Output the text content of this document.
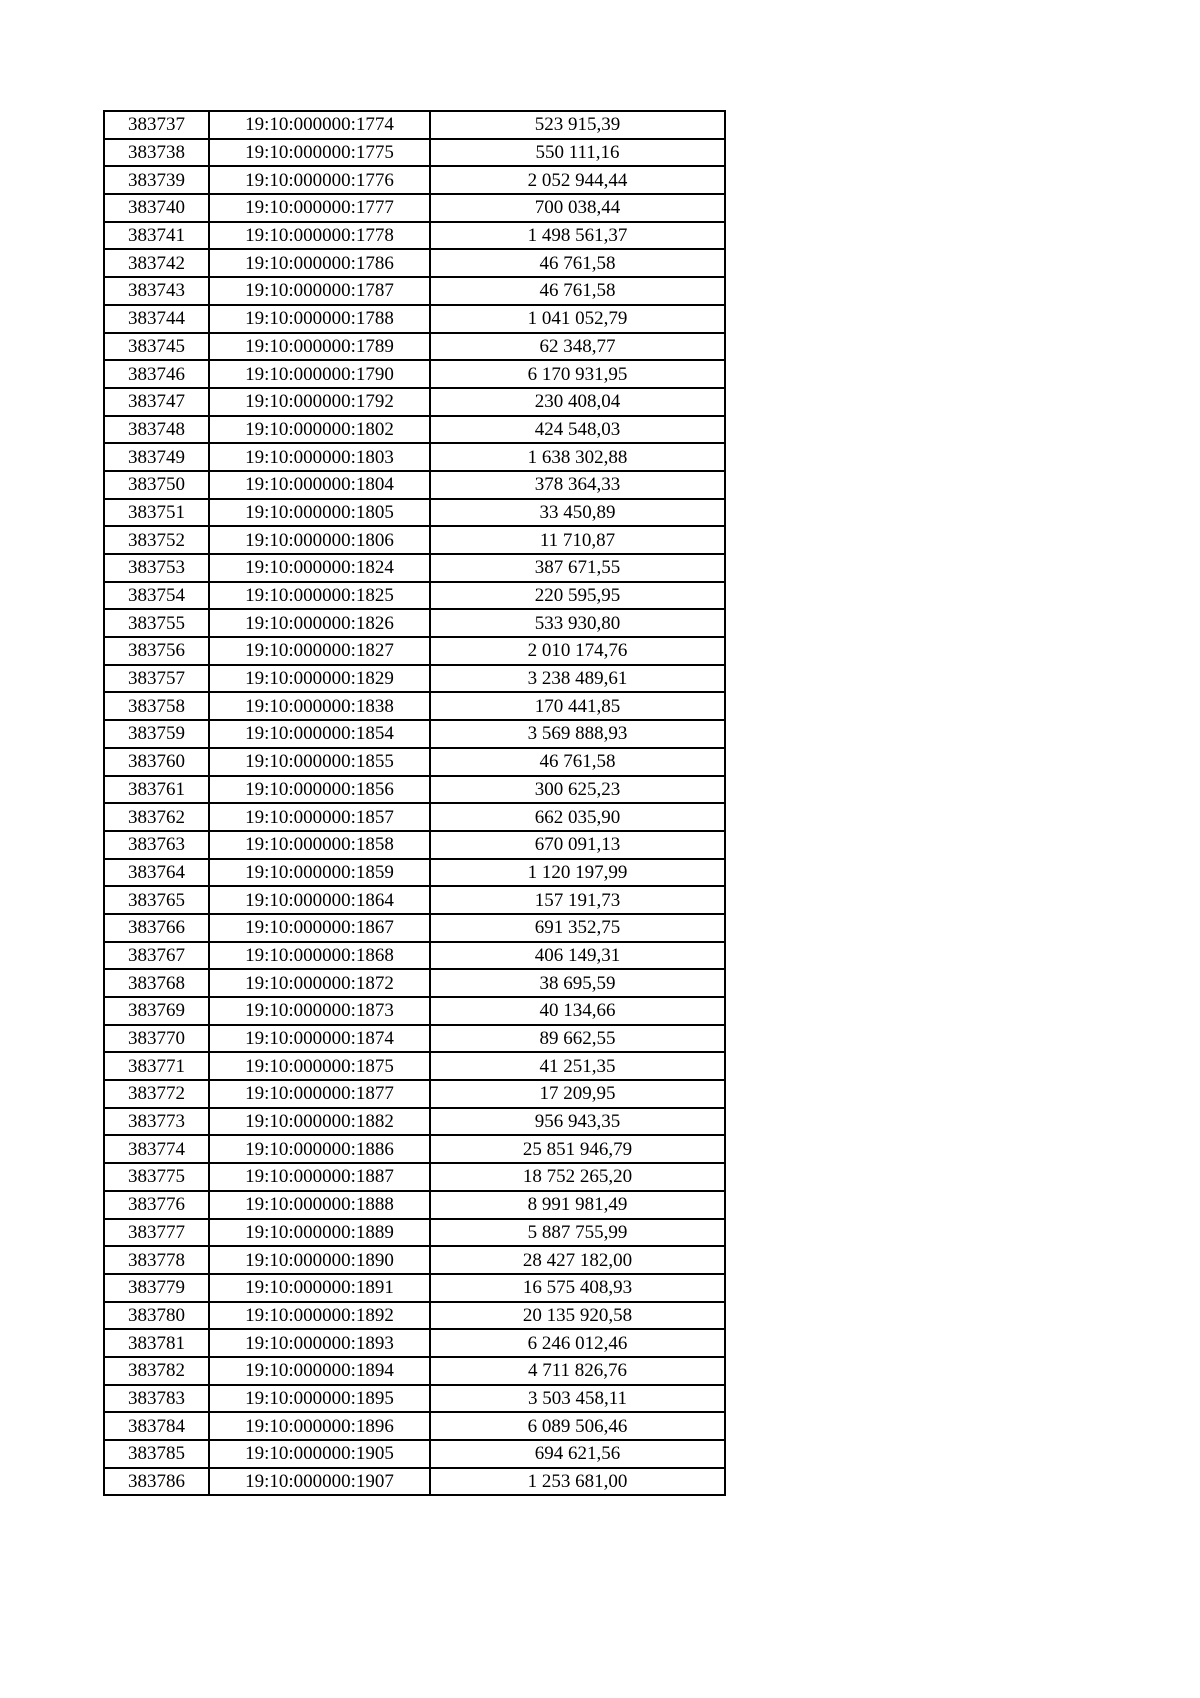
383737	19:10:000000:1774	523 915,39
383738	19:10:000000:1775	550 111,16
383739	19:10:000000:1776	2 052 944,44
383740	19:10:000000:1777	700 038,44
383741	19:10:000000:1778	1 498 561,37
383742	19:10:000000:1786	46 761,58
383743	19:10:000000:1787	46 761,58
383744	19:10:000000:1788	1 041 052,79
383745	19:10:000000:1789	62 348,77
383746	19:10:000000:1790	6 170 931,95
383747	19:10:000000:1792	230 408,04
383748	19:10:000000:1802	424 548,03
383749	19:10:000000:1803	1 638 302,88
383750	19:10:000000:1804	378 364,33
383751	19:10:000000:1805	33 450,89
383752	19:10:000000:1806	11 710,87
383753	19:10:000000:1824	387 671,55
383754	19:10:000000:1825	220 595,95
383755	19:10:000000:1826	533 930,80
383756	19:10:000000:1827	2 010 174,76
383757	19:10:000000:1829	3 238 489,61
383758	19:10:000000:1838	170 441,85
383759	19:10:000000:1854	3 569 888,93
383760	19:10:000000:1855	46 761,58
383761	19:10:000000:1856	300 625,23
383762	19:10:000000:1857	662 035,90
383763	19:10:000000:1858	670 091,13
383764	19:10:000000:1859	1 120 197,99
383765	19:10:000000:1864	157 191,73
383766	19:10:000000:1867	691 352,75
383767	19:10:000000:1868	406 149,31
383768	19:10:000000:1872	38 695,59
383769	19:10:000000:1873	40 134,66
383770	19:10:000000:1874	89 662,55
383771	19:10:000000:1875	41 251,35
383772	19:10:000000:1877	17 209,95
383773	19:10:000000:1882	956 943,35
383774	19:10:000000:1886	25 851 946,79
383775	19:10:000000:1887	18 752 265,20
383776	19:10:000000:1888	8 991 981,49
383777	19:10:000000:1889	5 887 755,99
383778	19:10:000000:1890	28 427 182,00
383779	19:10:000000:1891	16 575 408,93
383780	19:10:000000:1892	20 135 920,58
383781	19:10:000000:1893	6 246 012,46
383782	19:10:000000:1894	4 711 826,76
383783	19:10:000000:1895	3 503 458,11
383784	19:10:000000:1896	6 089 506,46
383785	19:10:000000:1905	694 621,56
383786	19:10:000000:1907	1 253 681,00
